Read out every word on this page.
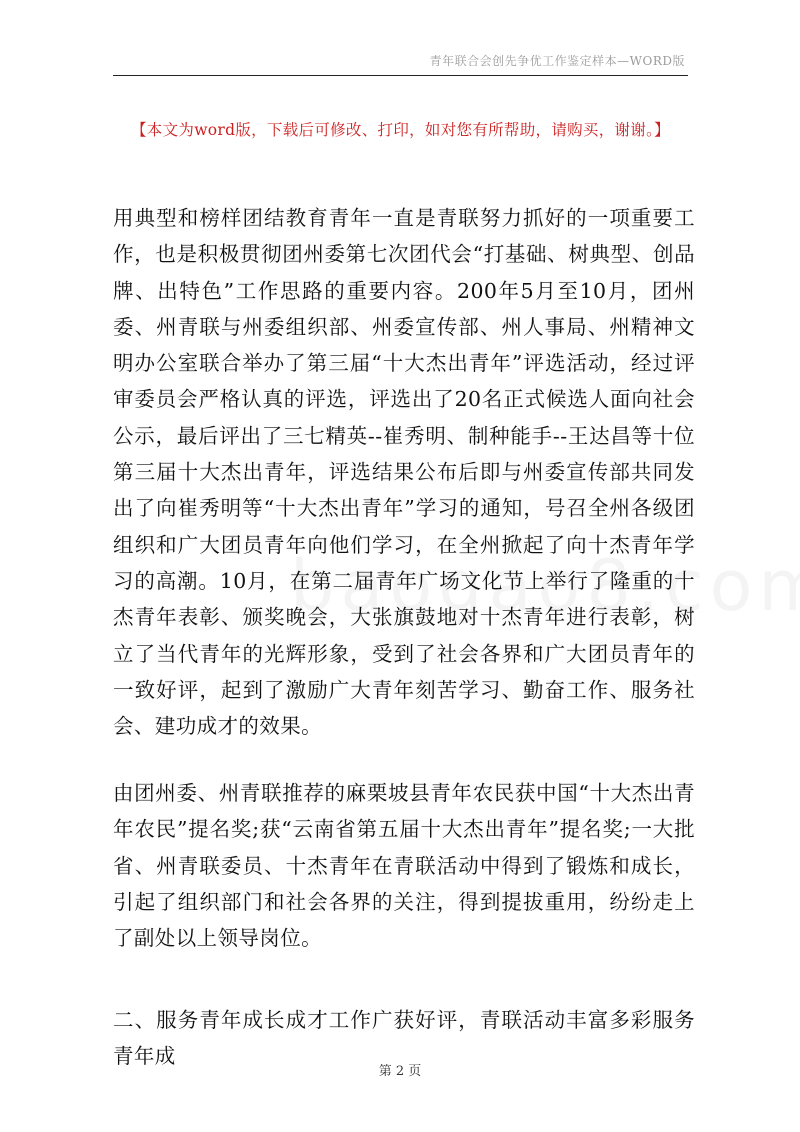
青年联合会创先争优工作鉴定样本—WORD版
【本文为word版，下载后可修改、打印，如对您有所帮助，请购买，谢谢。】

用典型和榜样团结教育青年一直是青联努力抓好的一项重要工作，也是积极贯彻团州委第七次团代会“打基础、树典型、创品牌、出特色”工作思路的重要内容。200年5月至10月，团州委、州青联与州委组织部、州委宣传部、州人事局、州精神文明办公室联合举办了第三届“十大杰出青年”评选活动，经过评审委员会严格认真的评选，评选出了20名正式候选人面向社会公示，最后评出了三七精英--崔秀明、制种能手--王达昌等十位第三届十大杰出青年，评选结果公布后即与州委宣传部共同发出了向崔秀明等“十大杰出青年”学习的通知，号召全州各级团组织和广大团员青年向他们学习，在全州掀起了向十杰青年学习的高潮。10月，在第二届青年广场文化节上举行了隆重的十杰青年表彰、颁奖晚会，大张旗鼓地对十杰青年进行表彰，树立了当代青年的光辉形象，受到了社会各界和广大团员青年的一致好评，起到了激励广大青年刻苦学习、勤奋工作、服务社会、建功成才的效果。

由团州委、州青联推荐的麻栗坡县青年农民获中国“十大杰出青年农民”提名奖;获“云南省第五届十大杰出青年”提名奖;一大批省、州青联委员、十杰青年在青联活动中得到了锻炼和成长，引起了组织部门和社会各界的关注，得到提拔重用，纷纷走上了副处以上领导岗位。

二、服务青年成长成才工作广获好评，青联活动丰富多彩服务青年成

第 2 页
